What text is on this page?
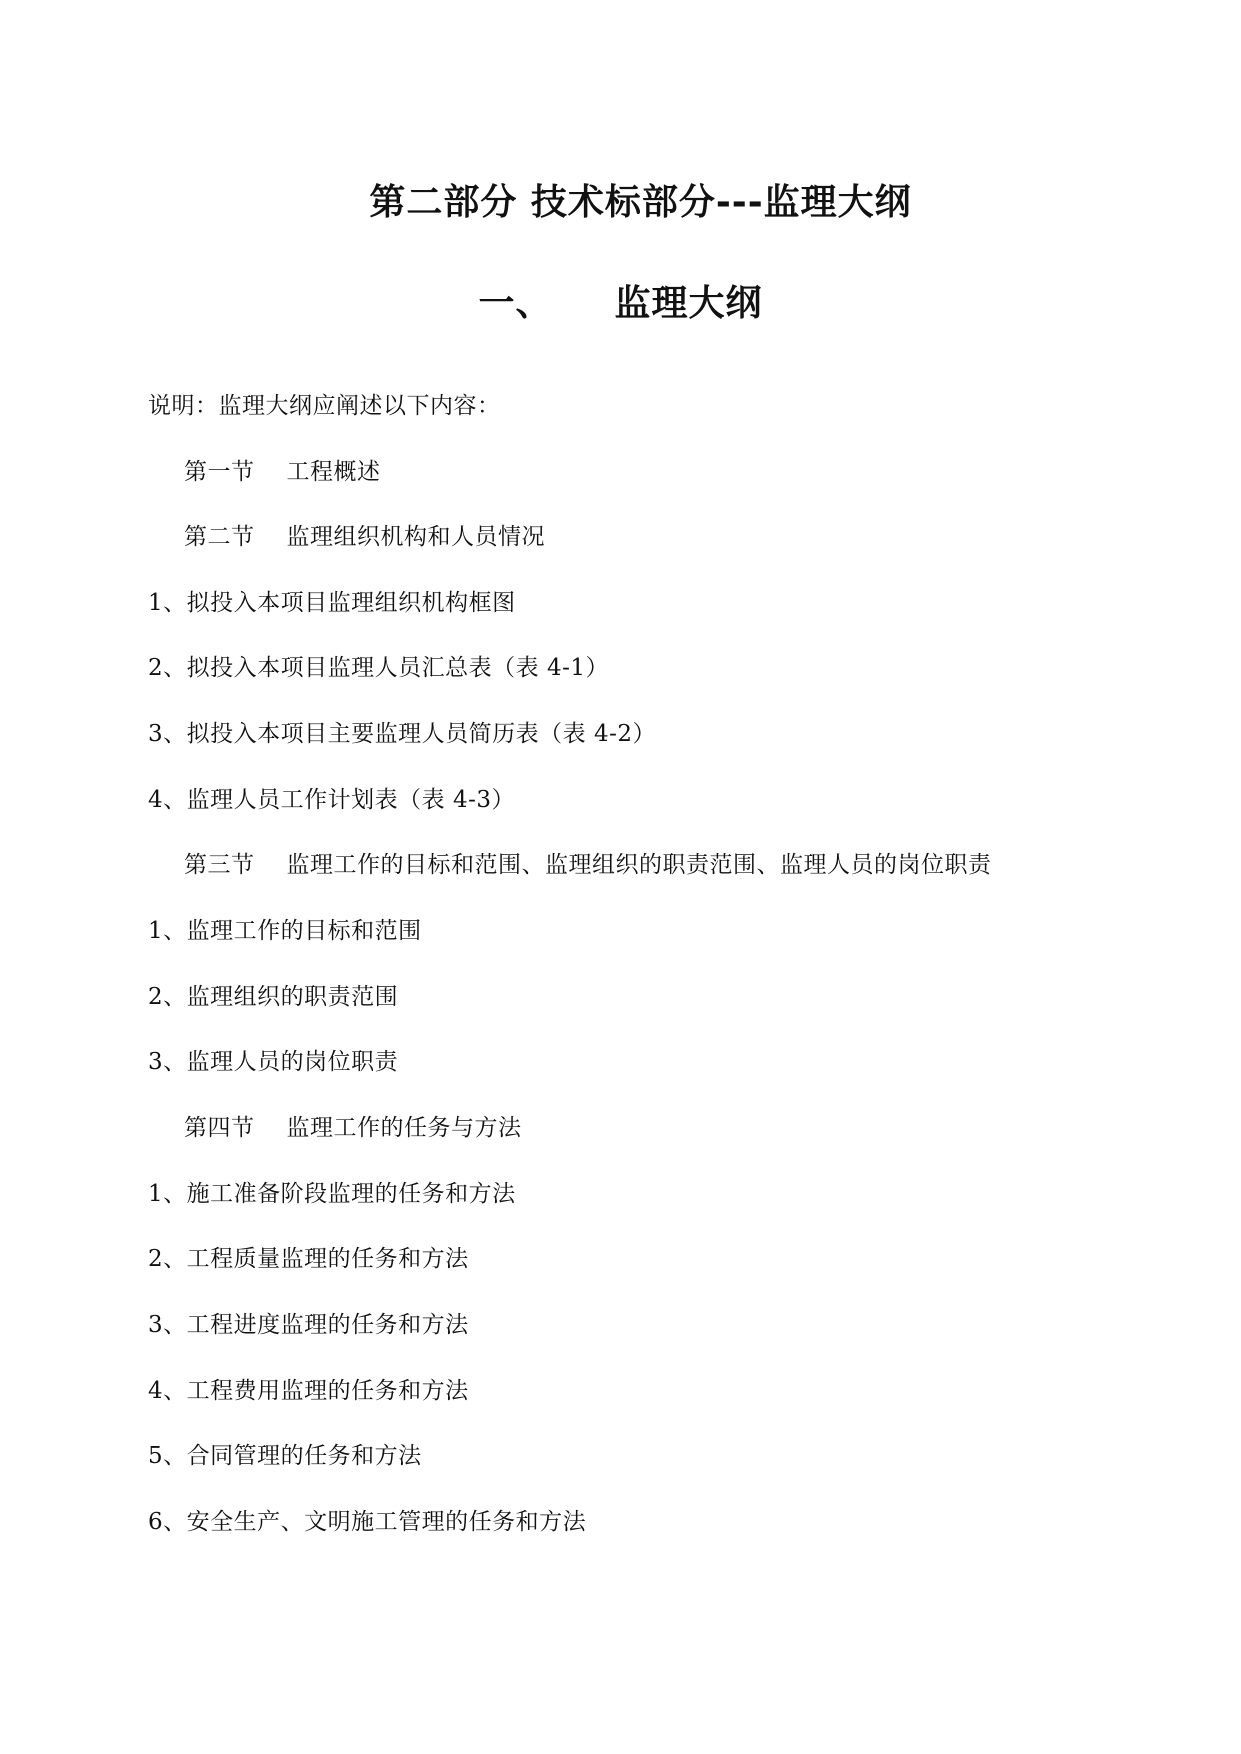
第二部分 技术标部分---监理大纲
一、 监理大纲
说明：监理大纲应阐述以下内容：
第一节 工程概述
第二节 监理组织机构和人员情况
1、拟投入本项目监理组织机构框图
2、拟投入本项目监理人员汇总表（表 4-1）
3、拟投入本项目主要监理人员简历表（表 4-2）
4、监理人员工作计划表（表 4-3）
第三节 监理工作的目标和范围、监理组织的职责范围、监理人员的岗位职责
1、监理工作的目标和范围
2、监理组织的职责范围
3、监理人员的岗位职责
第四节 监理工作的任务与方法
1、施工准备阶段监理的任务和方法
2、工程质量监理的任务和方法
3、工程进度监理的任务和方法
4、工程费用监理的任务和方法
5、合同管理的任务和方法
6、安全生产、文明施工管理的任务和方法
